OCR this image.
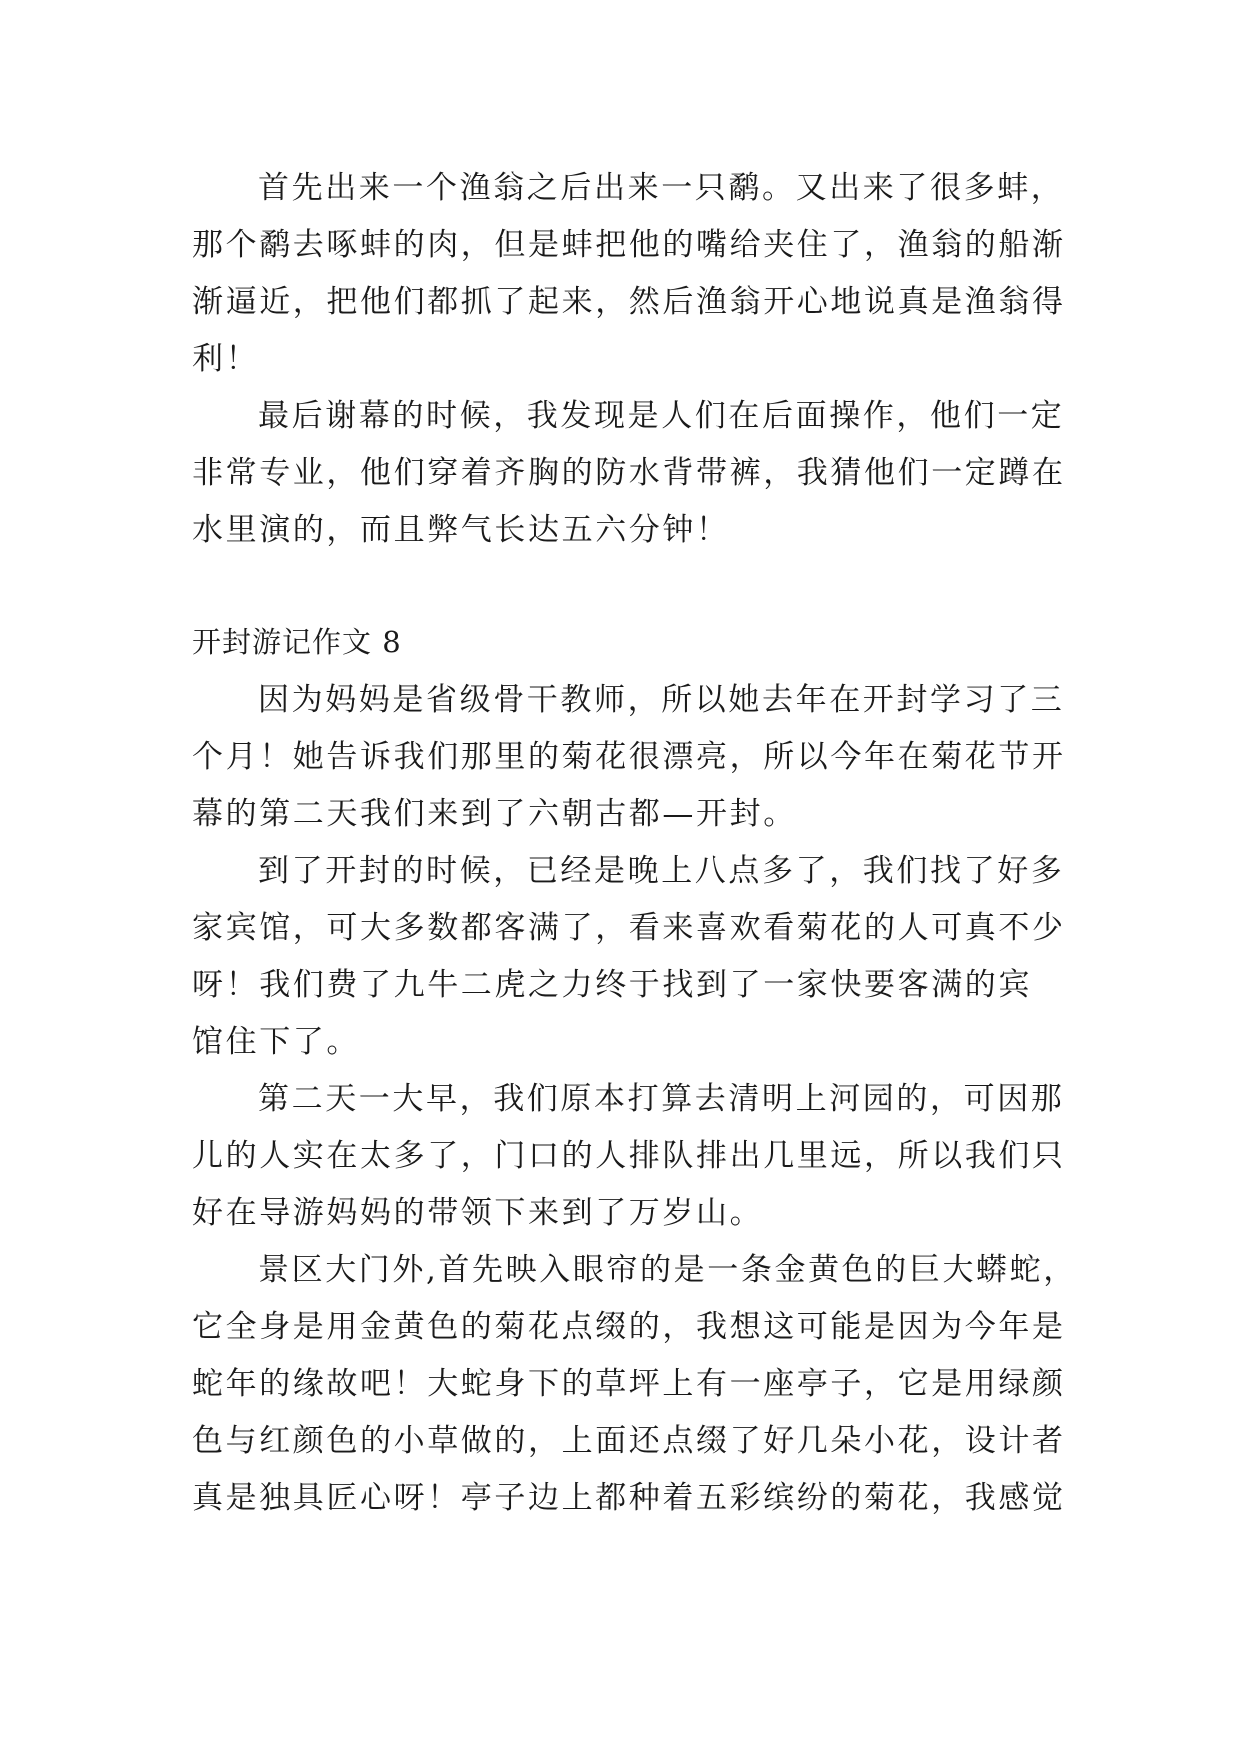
首先出来一个渔翁之后出来一只鹬。又出来了很多蚌，
那个鹬去啄蚌的肉，但是蚌把他的嘴给夹住了，渔翁的船渐
渐逼近，把他们都抓了起来，然后渔翁开心地说真是渔翁得
利！
最后谢幕的时候，我发现是人们在后面操作，他们一定
非常专业，他们穿着齐胸的防水背带裤，我猜他们一定蹲在
水里演的，而且弊气长达五六分钟！
开封游记作文 8
因为妈妈是省级骨干教师，所以她去年在开封学习了三
个月！她告诉我们那里的菊花很漂亮，所以今年在菊花节开
幕的第二天我们来到了六朝古都—开封。
到了开封的时候，已经是晚上八点多了，我们找了好多
家宾馆，可大多数都客满了，看来喜欢看菊花的人可真不少
呀！我们费了九牛二虎之力终于找到了一家快要客满的宾
馆住下了。
第二天一大早，我们原本打算去清明上河园的，可因那
儿的人实在太多了，门口的人排队排出几里远，所以我们只
好在导游妈妈的带领下来到了万岁山。
景区大门外,首先映入眼帘的是一条金黄色的巨大蟒蛇，
它全身是用金黄色的菊花点缀的，我想这可能是因为今年是
蛇年的缘故吧！大蛇身下的草坪上有一座亭子，它是用绿颜
色与红颜色的小草做的，上面还点缀了好几朵小花，设计者
真是独具匠心呀！亭子边上都种着五彩缤纷的菊花，我感觉
